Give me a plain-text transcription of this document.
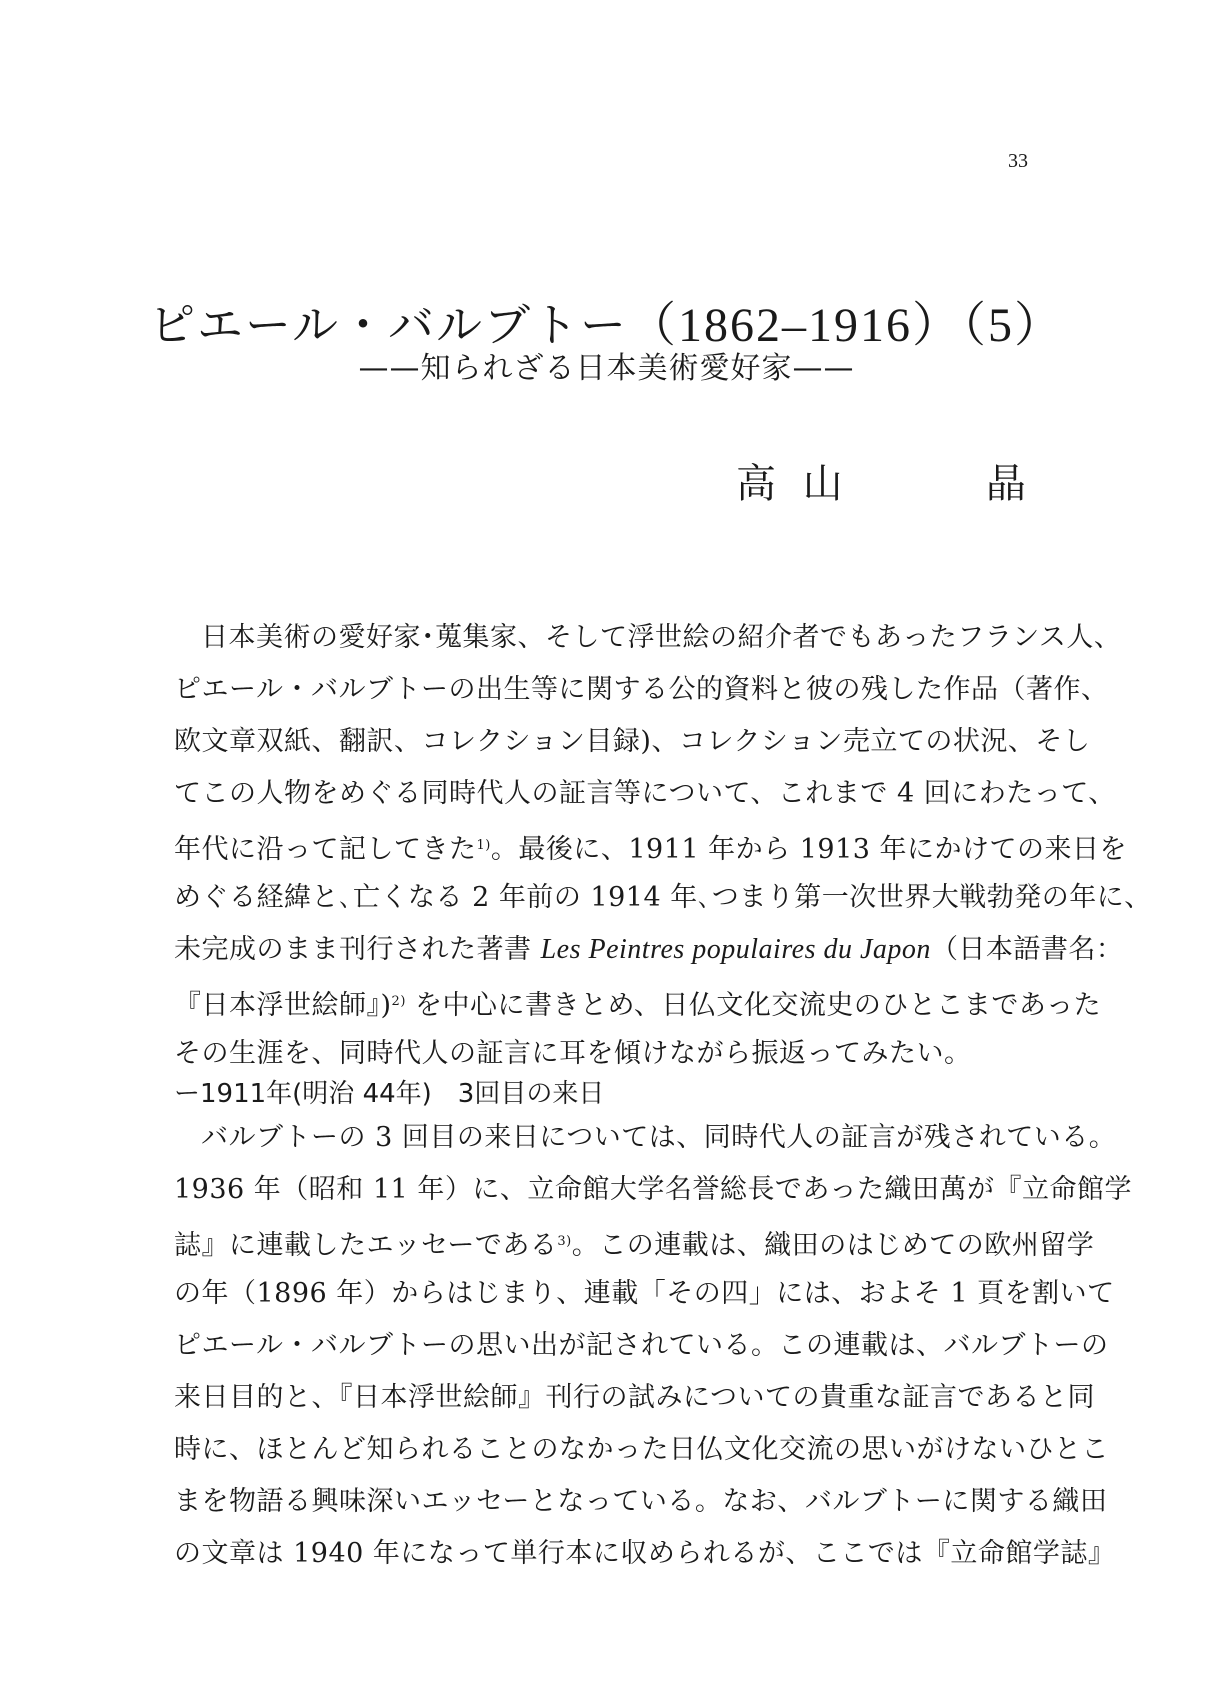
33
ピエール・バルブトー（1862–1916）（5）
——知られざる日本美術愛好家——
高 山	晶
日本美術の愛好家･蒐集家、そして浮世絵の紹介者でもあったフランス人、
ピエール・バルブトーの出生等に関する公的資料と彼の残した作品（著作、
欧文章双紙、翻訳、コレクション目録)、コレクション売立ての状況、そし
てこの人物をめぐる同時代人の証言等について、これまで 4 回にわたって、
年代に沿って記してきた$^{1)}$。最後に、1911 年から 1913 年にかけての来日を
めぐる経緯と､亡くなる 2 年前の 1914 年､つまり第一次世界大戦勃発の年に、
未完成のまま刊行された著書 Les Peintres populaires du Japon（日本語書名：
『日本浮世絵師』)$^{2)}$ を中心に書きとめ、日仏文化交流史のひとこまであった
その生涯を、同時代人の証言に耳を傾けながら振返ってみたい。
ー1911年(明治 44年)　3回目の来日
バルブトーの 3 回目の来日については、同時代人の証言が残されている。
1936 年（昭和 11 年）に、立命館大学名誉総長であった織田萬が『立命館学
誌』に連載したエッセーである$^{3)}$。この連載は、織田のはじめての欧州留学
の年（1896 年）からはじまり、連載「その四」には、およそ 1 頁を割いて
ピエール・バルブトーの思い出が記されている。この連載は、バルブトーの
来日目的と、『日本浮世絵師』刊行の試みについての貴重な証言であると同
時に、ほとんど知られることのなかった日仏文化交流の思いがけないひとこ
まを物語る興味深いエッセーとなっている。なお、バルブトーに関する織田
の文章は 1940 年になって単行本に収められるが、ここでは『立命館学誌』
